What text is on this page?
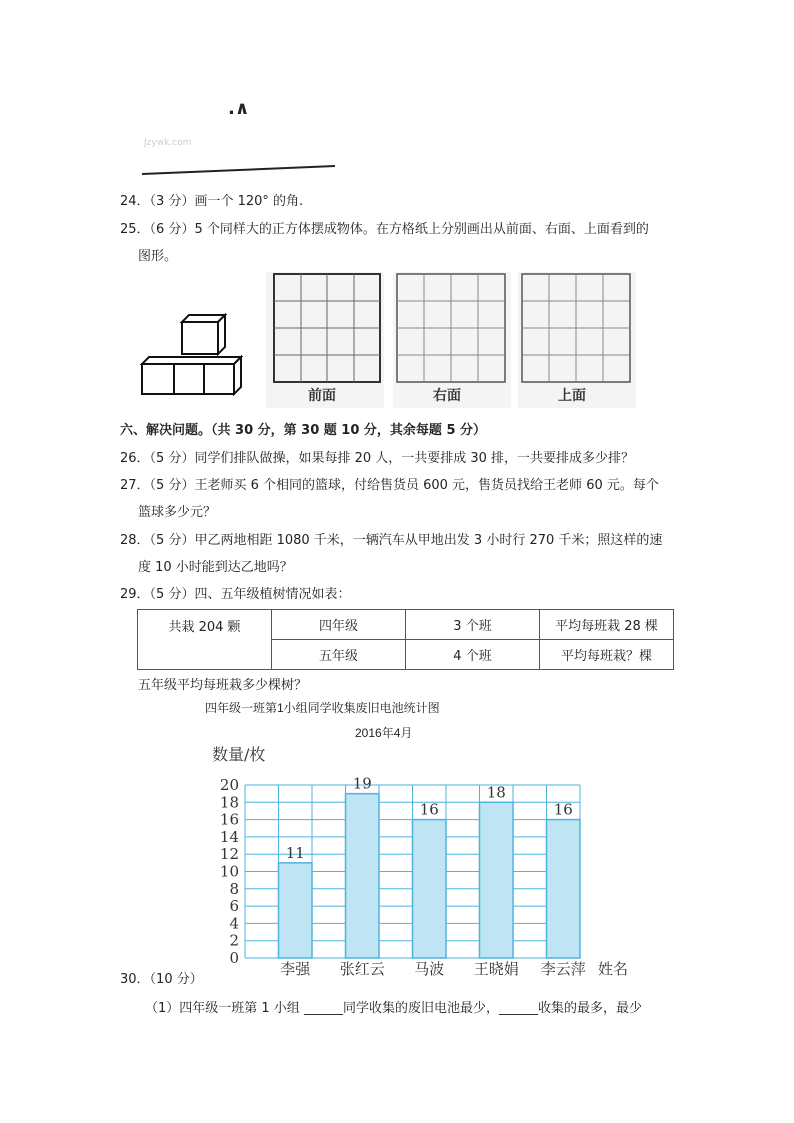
.∧
Jzywk.com
24．（3 分）画一个 120° 的角.
25．（6 分）5 个同样大的正方体摆成物体。在方格纸上分别画出从前面、右面、上面看到的
图形。
前面	右面	上面
六、解决问题。（共 30 分，第 30 题 10 分，其余每题 5 分）
26．（5 分）同学们排队做操，如果每排 20 人，一共要排成 30 排，一共要排成多少排？
27．（5 分）王老师买 6 个相同的篮球，付给售货员 600 元，售货员找给王老师 60 元。每个
篮球多少元？
28．（5 分）甲乙两地相距 1080 千米，一辆汽车从甲地出发 3 小时行 270 千米；照这样的速
度 10 小时能到达乙地吗？
29．（5 分）四、五年级植树情况如表：
共栽 204 颗	四年级	3 个班	平均每班栽 28 棵
	五年级	4 个班	平均每班栽？棵
五年级平均每班栽多少棵树？
四年级一班第1小组同学收集废旧电池统计图
2016年4月
数量/枚
0
2
4
6
8
10
12
14
16
18
20
11
李强
19
张红云
16
马波
18
王晓娟
16
李云萍 姓名
30．（10 分）
（1）四年级一班第 1 小组 ______同学收集的废旧电池最少，______收集的最多，最少
